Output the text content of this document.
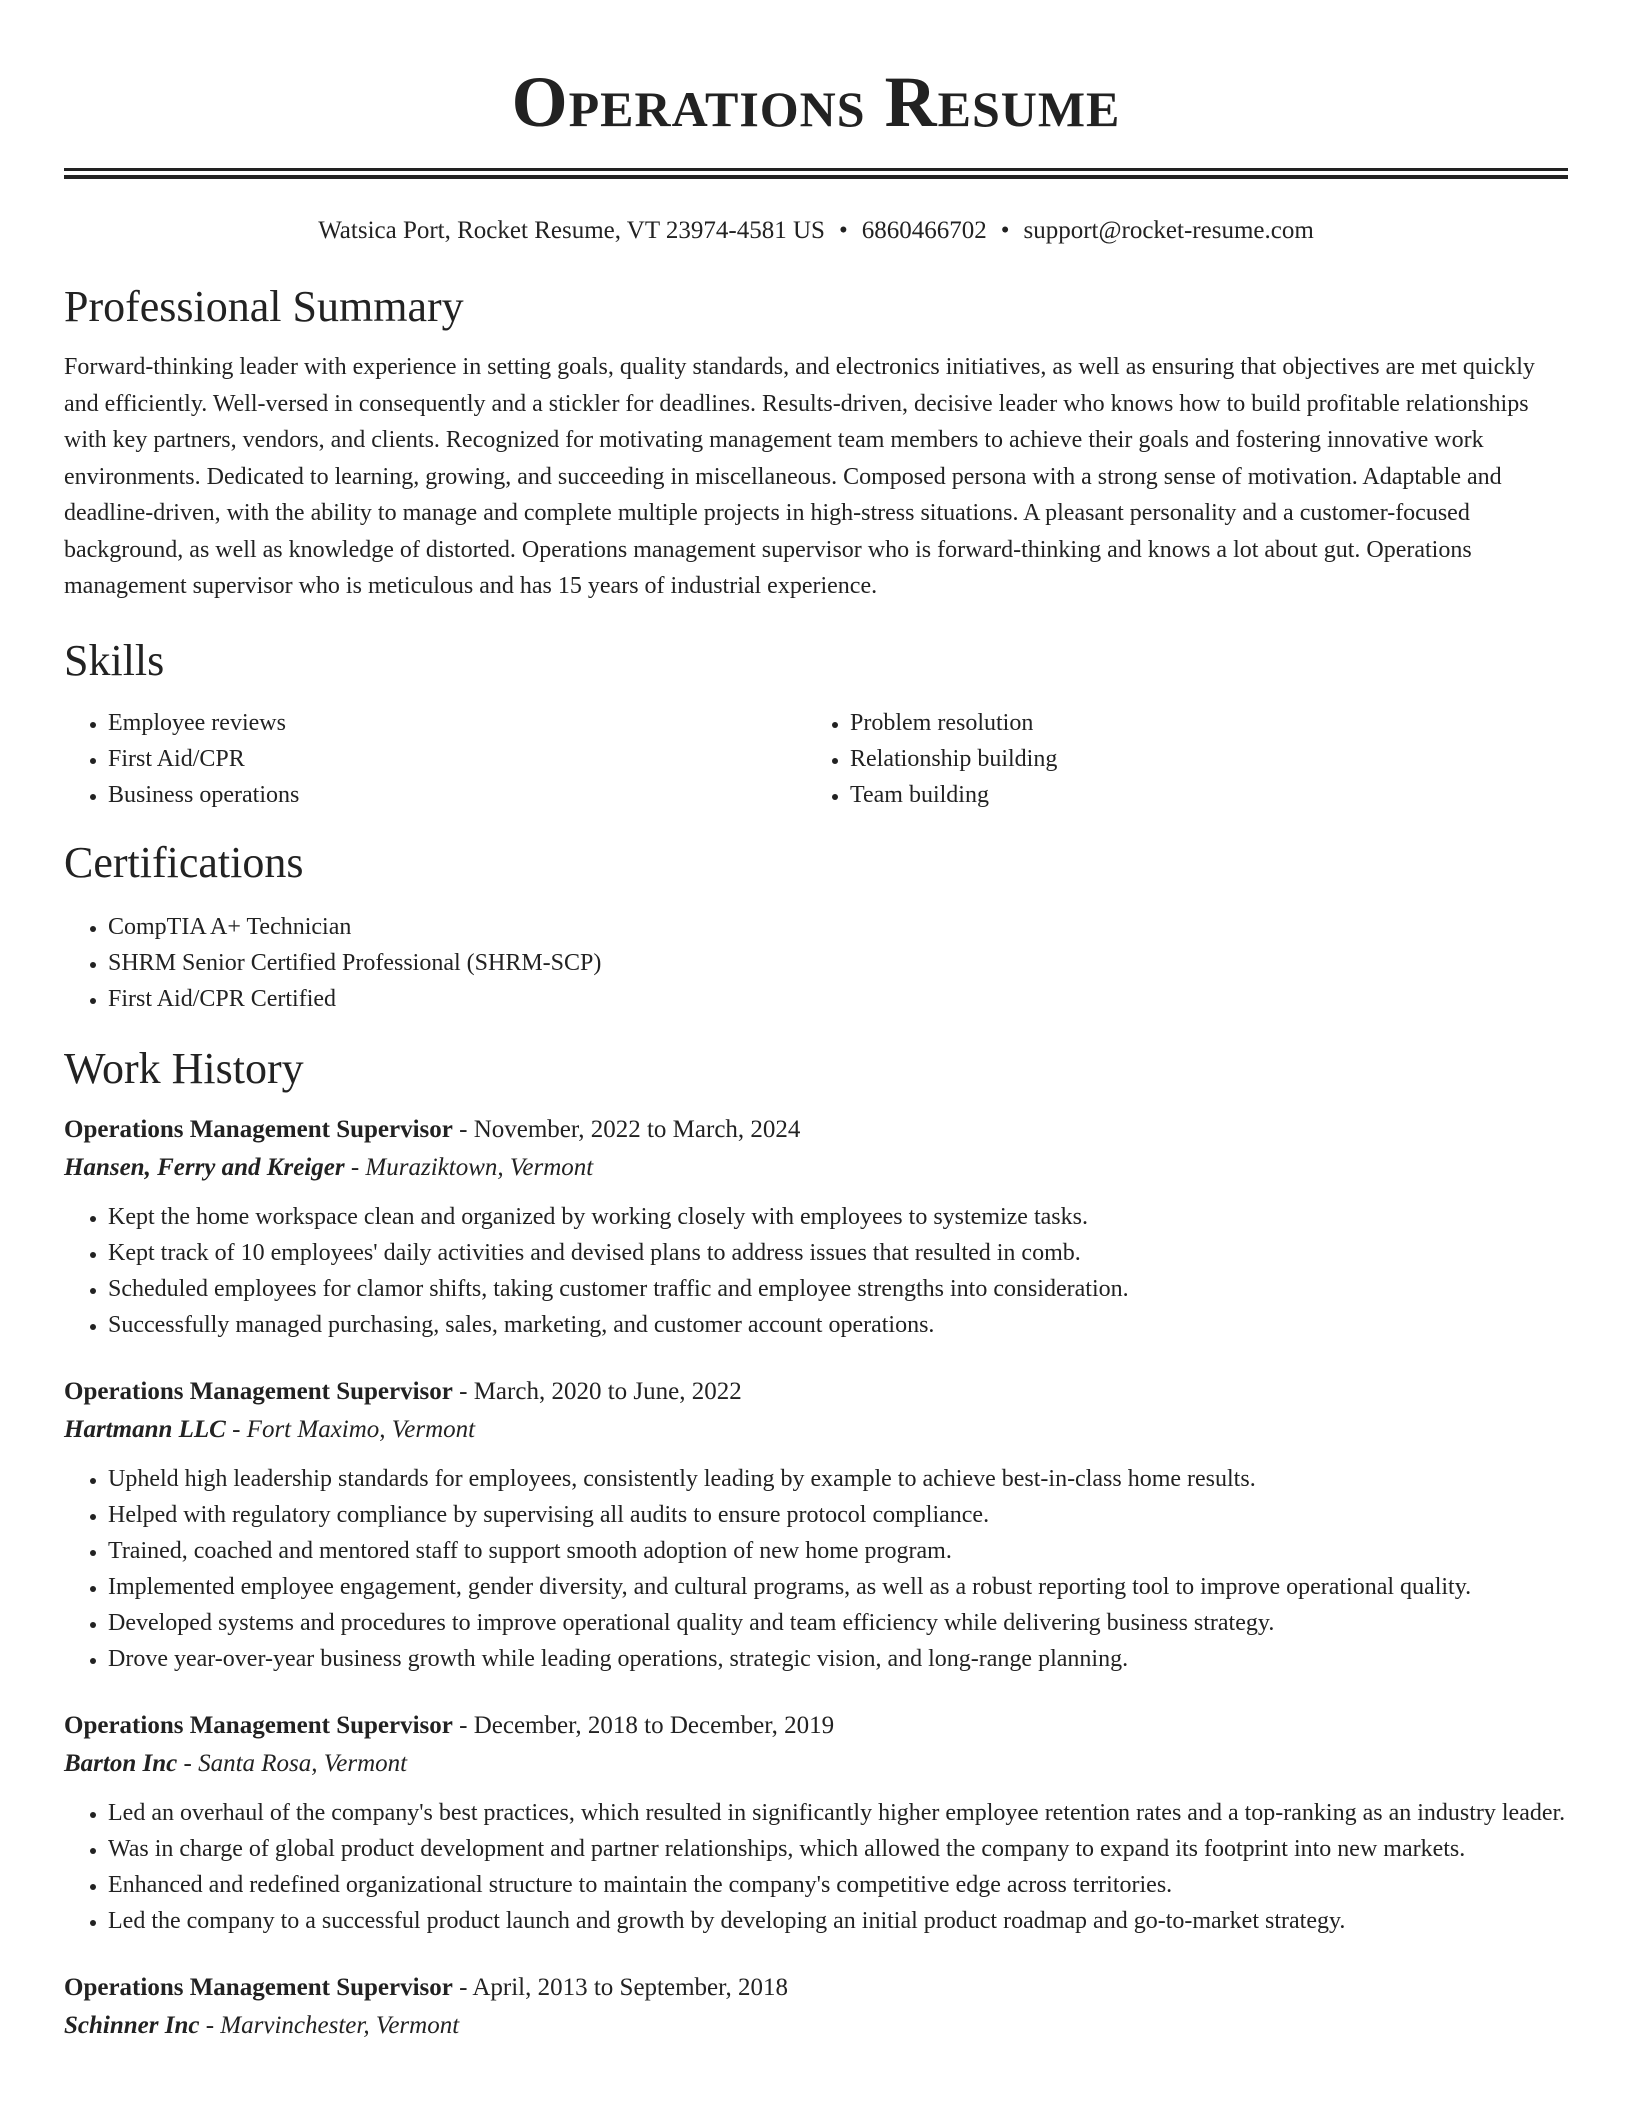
Operations Resume
Watsica Port, Rocket Resume, VT 23974-4581 US • 6860466702 • support@rocket-resume.com
Professional Summary

Forward-thinking leader with experience in setting goals, quality standards, and electronics initiatives, as well as ensuring that objectives are met quickly and efficiently. Well-versed in consequently and a stickler for deadlines. Results-driven, decisive leader who knows how to build profitable relationships with key partners, vendors, and clients. Recognized for motivating management team members to achieve their goals and fostering innovative work environments. Dedicated to learning, growing, and succeeding in miscellaneous. Composed persona with a strong sense of motivation. Adaptable and deadline-driven, with the ability to manage and complete multiple projects in high-stress situations. A pleasant personality and a customer-focused background, as well as knowledge of distorted. Operations management supervisor who is forward-thinking and knows a lot about gut. Operations management supervisor who is meticulous and has 15 years of industrial experience.

Skills
• Employee reviews
• First Aid/CPR
• Business operations
• Problem resolution
• Relationship building
• Team building
Certifications
• CompTIA A+ Technician
• SHRM Senior Certified Professional (SHRM-SCP)
• First Aid/CPR Certified
Work History
Operations Management Supervisor - November, 2022 to March, 2024
Hansen, Ferry and Kreiger - Muraziktown, Vermont
• Kept the home workspace clean and organized by working closely with employees to systemize tasks.
• Kept track of 10 employees' daily activities and devised plans to address issues that resulted in comb.
• Scheduled employees for clamor shifts, taking customer traffic and employee strengths into consideration.
• Successfully managed purchasing, sales, marketing, and customer account operations.
Operations Management Supervisor - March, 2020 to June, 2022
Hartmann LLC - Fort Maximo, Vermont
• Upheld high leadership standards for employees, consistently leading by example to achieve best-in-class home results.
• Helped with regulatory compliance by supervising all audits to ensure protocol compliance.
• Trained, coached and mentored staff to support smooth adoption of new home program.
• Implemented employee engagement, gender diversity, and cultural programs, as well as a robust reporting tool to improve operational quality.
• Developed systems and procedures to improve operational quality and team efficiency while delivering business strategy.
• Drove year-over-year business growth while leading operations, strategic vision, and long-range planning.
Operations Management Supervisor - December, 2018 to December, 2019
Barton Inc - Santa Rosa, Vermont
• Led an overhaul of the company's best practices, which resulted in significantly higher employee retention rates and a top-ranking as an industry leader.
• Was in charge of global product development and partner relationships, which allowed the company to expand its footprint into new markets.
• Enhanced and redefined organizational structure to maintain the company's competitive edge across territories.
• Led the company to a successful product launch and growth by developing an initial product roadmap and go-to-market strategy.
Operations Management Supervisor - April, 2013 to September, 2018
Schinner Inc - Marvinchester, Vermont
